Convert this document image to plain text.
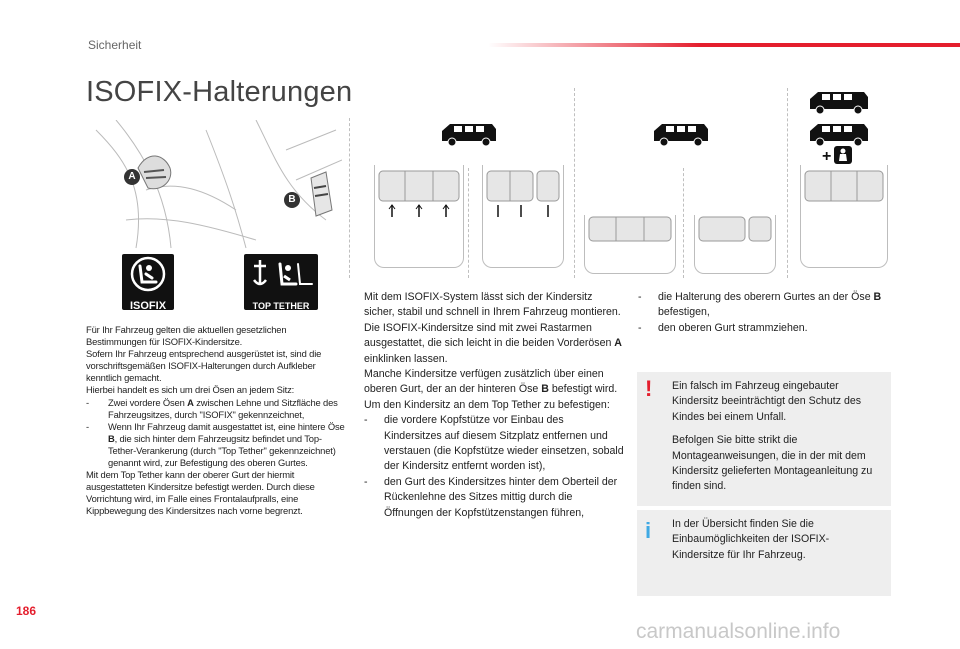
Sicherheit
ISOFIX-Halterungen
A
B
ISOFIX	TOP TETHER
+

Für Ihr Fahrzeug gelten die aktuellen gesetzlichen Bestimmungen für ISOFIX-Kindersitze.

Sofern Ihr Fahrzeug entsprechend ausgerüstet ist, sind die vorschriftsgemäßen ISOFIX-Halterungen durch Aufkleber kenntlich gemacht.

Hierbei handelt es sich um drei Ösen an jedem Sitz:

-	Zwei vordere Ösen A zwischen Lehne und Sitzfläche des Fahrzeugsitzes, durch "ISOFIX" gekennzeichnet,
-	Wenn Ihr Fahrzeug damit ausgestattet ist, eine hintere Öse B, die sich hinter dem Fahrzeugsitz befindet und Top-Tether-Verankerung (durch "Top Tether" gekennzeichnet) genannt wird, zur Befestigung des oberen Gurtes.

Mit dem Top Tether kann der oberer Gurt der hiermit ausgestatteten Kindersitze befestigt werden. Durch diese Vorrichtung wird, im Falle eines Frontalaufpralls, eine Kippbewegung des Kindersitzes nach vorne begrenzt.

Mit dem ISOFIX-System lässt sich der Kindersitz sicher, stabil und schnell in Ihrem Fahrzeug montieren.

Die ISOFIX-Kindersitze sind mit zwei Rastarmen ausgestattet, die sich leicht in die beiden Vorderösen A einklinken lassen.

Manche Kindersitze verfügen zusätzlich über einen oberen Gurt, der an der hinteren Öse B befestigt wird.

Um den Kindersitz an dem Top Tether zu befestigen:

-	die vordere Kopfstütze vor Einbau des Kindersitzes auf diesem Sitzplatz entfernen und verstauen (die Kopfstütze wieder einsetzen, sobald der Kindersitz entfernt worden ist),
-	den Gurt des Kindersitzes hinter dem Oberteil der Rückenlehne des Sitzes mittig durch die Öffnungen der Kopfstützenstangen führen,
-	die Halterung des oberern Gurtes an der Öse B befestigen,
-	den oberen Gurt strammziehen.
! Ein falsch im Fahrzeug eingebauter Kindersitz beeinträchtigt den Schutz des Kindes bei einem Unfall.

Befolgen Sie bitte strikt die Montageanweisungen, die in der mit dem Kindersitz gelieferten Montageanleitung zu finden sind.

i In der Übersicht finden Sie die Einbaumöglichkeiten der ISOFIX-Kindersitze für Ihr Fahrzeug.

186
carmanualsonline.info
